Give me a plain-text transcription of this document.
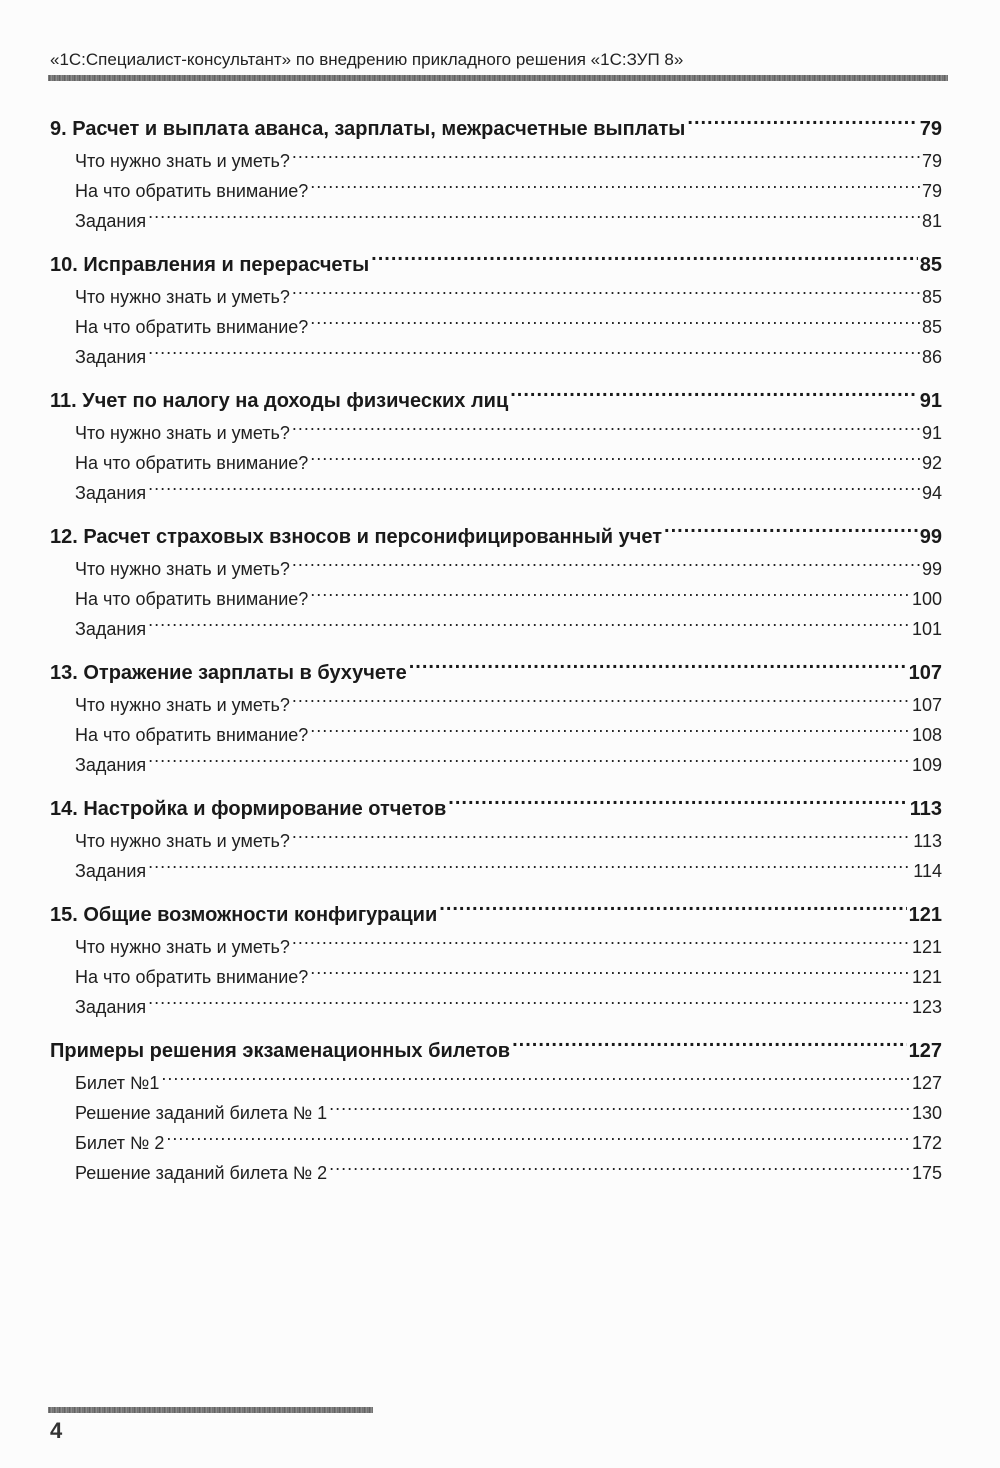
«1С:Специалист-консультант» по внедрению прикладного решения «1С:ЗУП 8»
9. Расчет и выплата аванса, зарплаты, межрасчетные выплаты .....	79
Что нужно знать и уметь? .....	79
На что обратить внимание? .....	79
Задания .....	81
10. Исправления и перерасчеты .....	85
Что нужно знать и уметь? .....	85
На что обратить внимание? .....	85
Задания .....	86
11. Учет по налогу на доходы физических лиц .....	91
Что нужно знать и уметь? .....	91
На что обратить внимание? .....	92
Задания .....	94
12. Расчет страховых взносов и персонифицированный учет .....	99
Что нужно знать и уметь? .....	99
На что обратить внимание? .....	100
Задания .....	101
13. Отражение зарплаты в бухучете .....	107
Что нужно знать и уметь? .....	107
На что обратить внимание? .....	108
Задания .....	109
14. Настройка и формирование отчетов .....	113
Что нужно знать и уметь? .....	113
Задания .....	114
15. Общие возможности конфигурации .....	121
Что нужно знать и уметь? .....	121
На что обратить внимание? .....	121
Задания .....	123
Примеры решения экзаменационных билетов .....	127
Билет №1 .....	127
Решение заданий билета № 1 .....	130
Билет № 2 .....	172
Решение заданий билета № 2 .....	175
4
